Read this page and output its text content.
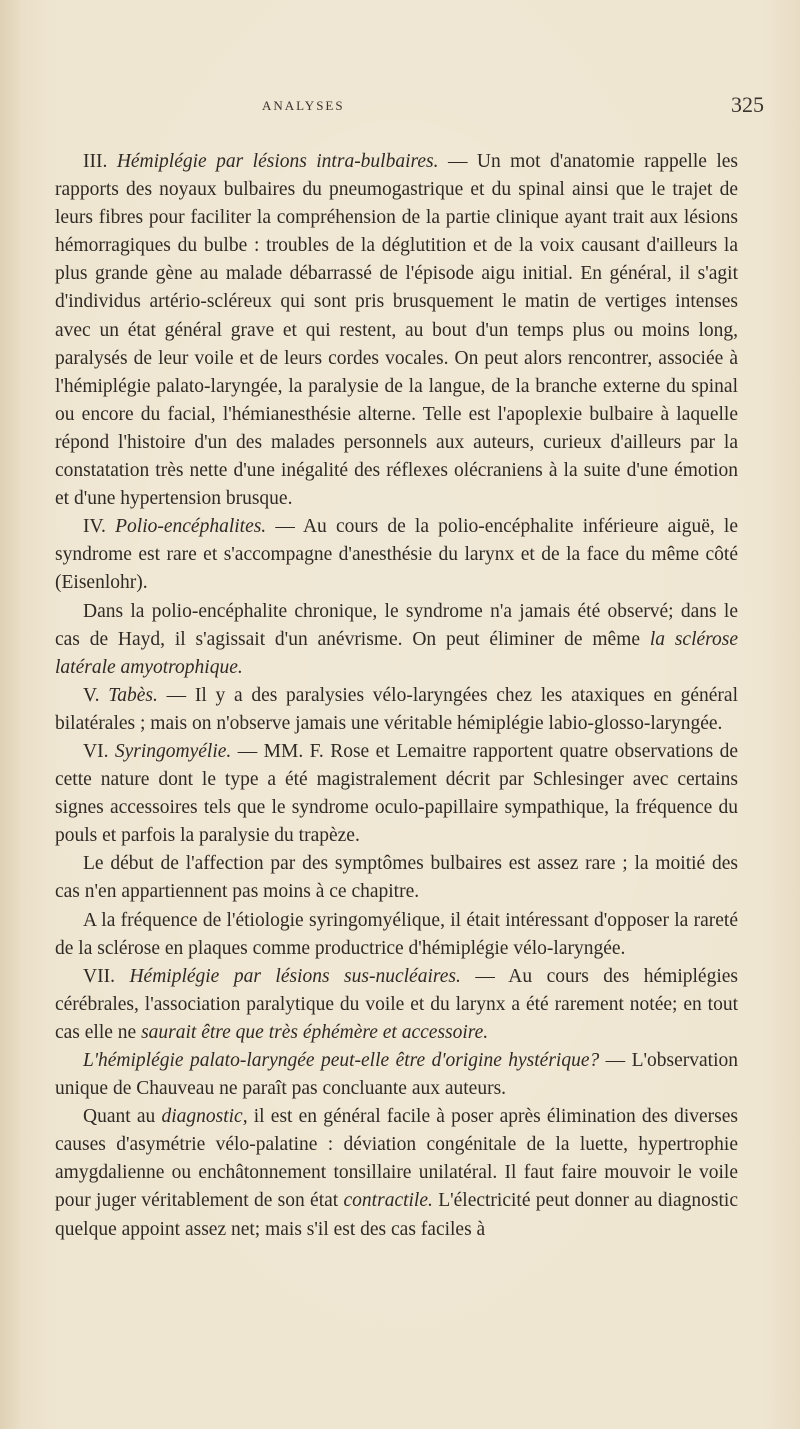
ANALYSES	325

III. Hémiplégie par lésions intra-bulbaires. — Un mot d'anatomie rappelle les rapports des noyaux bulbaires du pneumogastrique et du spinal ainsi que le trajet de leurs fibres pour faciliter la compréhension de la partie clinique ayant trait aux lésions hémorragiques du bulbe : troubles de la déglutition et de la voix causant d'ailleurs la plus grande gène au malade débarrassé de l'épisode aigu initial. En général, il s'agit d'individus artério-scléreux qui sont pris brusquement le matin de vertiges intenses avec un état général grave et qui restent, au bout d'un temps plus ou moins long, paralysés de leur voile et de leurs cordes vocales. On peut alors rencontrer, associée à l'hémiplégie palato-laryngée, la paralysie de la langue, de la branche externe du spinal ou encore du facial, l'hémianesthésie alterne. Telle est l'apoplexie bulbaire à laquelle répond l'histoire d'un des malades personnels aux auteurs, curieux d'ailleurs par la constatation très nette d'une inégalité des réflexes olécraniens à la suite d'une émotion et d'une hypertension brusque.

IV. Polio-encéphalites. — Au cours de la polio-encéphalite inférieure aiguë, le syndrome est rare et s'accompagne d'anesthésie du larynx et de la face du même côté (Eisenlohr).

Dans la polio-encéphalite chronique, le syndrome n'a jamais été observé; dans le cas de Hayd, il s'agissait d'un anévrisme. On peut éliminer de même la sclérose latérale amyotrophique.

V. Tabès. — Il y a des paralysies vélo-laryngées chez les ataxiques en général bilatérales ; mais on n'observe jamais une véritable hémiplégie labio-glosso-laryngée.

VI. Syringomyélie. — MM. F. Rose et Lemaitre rapportent quatre observations de cette nature dont le type a été magistralement décrit par Schlesinger avec certains signes accessoires tels que le syndrome oculo-papillaire sympathique, la fréquence du pouls et parfois la paralysie du trapèze.

Le début de l'affection par des symptômes bulbaires est assez rare ; la moitié des cas n'en appartiennent pas moins à ce chapitre.

A la fréquence de l'étiologie syringomyélique, il était intéressant d'opposer la rareté de la sclérose en plaques comme productrice d'hémiplégie vélo-laryngée.

VII. Hémiplégie par lésions sus-nucléaires. — Au cours des hémiplégies cérébrales, l'association paralytique du voile et du larynx a été rarement notée; en tout cas elle ne saurait être que très éphémère et accessoire.

L'hémiplégie palato-laryngée peut-elle être d'origine hystérique? — L'observation unique de Chauveau ne paraît pas concluante aux auteurs.

Quant au diagnostic, il est en général facile à poser après élimination des diverses causes d'asymétrie vélo-palatine : déviation congénitale de la luette, hypertrophie amygdalienne ou enchâtonnement tonsillaire unilatéral. Il faut faire mouvoir le voile pour juger véritablement de son état contractile. L'électricité peut donner au diagnostic quelque appoint assez net; mais s'il est des cas faciles à
